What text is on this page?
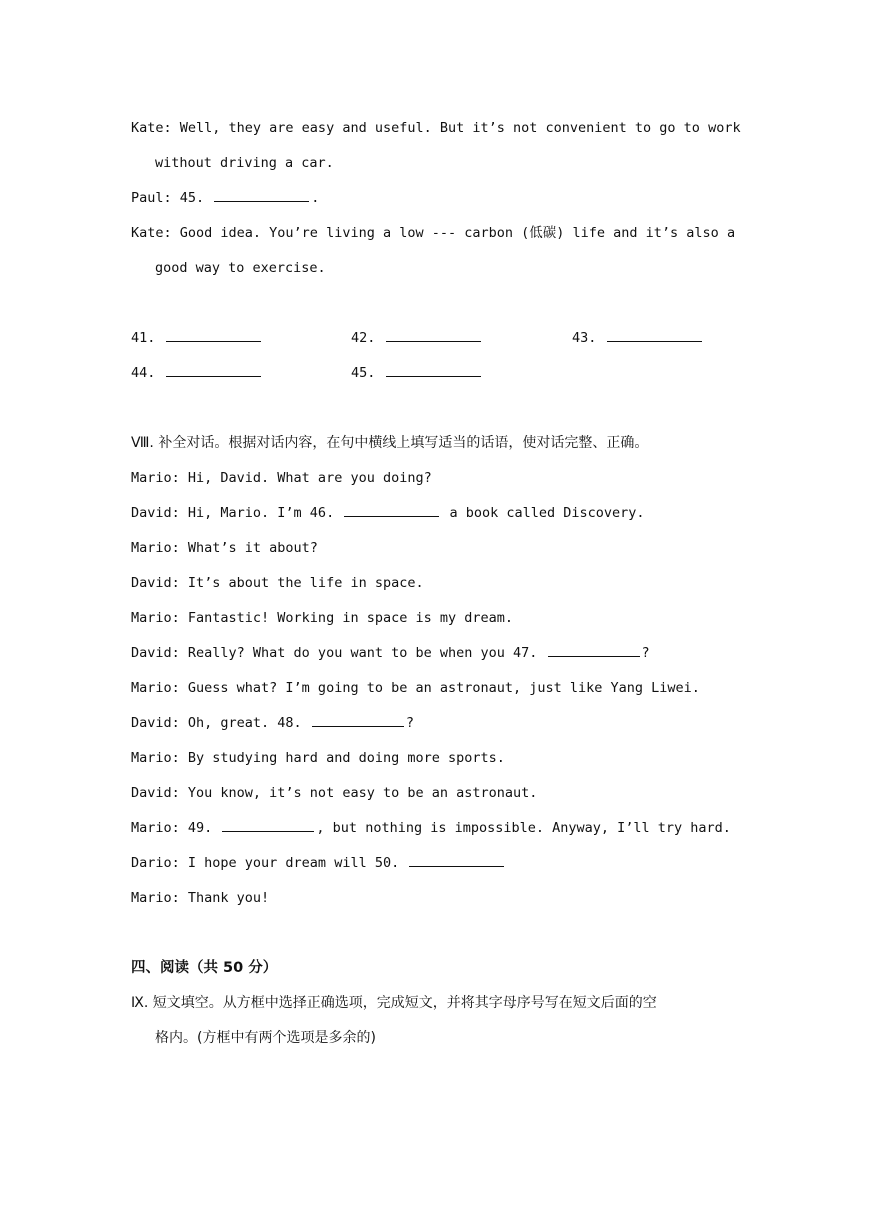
Kate: Well, they are easy and useful. But it’s not convenient to go to work
without driving a car.
Paul: 45.	.
Kate: Good idea. You’re living a low --- carbon (低碳) life and it’s also a
good way to exercise.
41.	42.	43.
44.	45.
Ⅷ. 补全对话。根据对话内容，在句中横线上填写适当的话语，使对话完整、正确。
Mario: Hi, David. What are you doing?
David: Hi, Mario. I’m 46.	a book called Discovery.
Mario: What’s it about?
David: It’s about the life in space.
Mario: Fantastic! Working in space is my dream.
David: Really? What do you want to be when you 47.	?
Mario: Guess what? I’m going to be an astronaut, just like Yang Liwei.
David: Oh, great. 48.	?
Mario: By studying hard and doing more sports.
David: You know, it’s not easy to be an astronaut.
Mario: 49.	, but nothing is impossible. Anyway, I’ll try hard.
Dario: I hope your dream will 50.
Mario: Thank you!
四、阅读（共 50 分）
Ⅸ. 短文填空。从方框中选择正确选项，完成短文，并将其字母序号写在短文后面的空
格内。(方框中有两个选项是多余的)
